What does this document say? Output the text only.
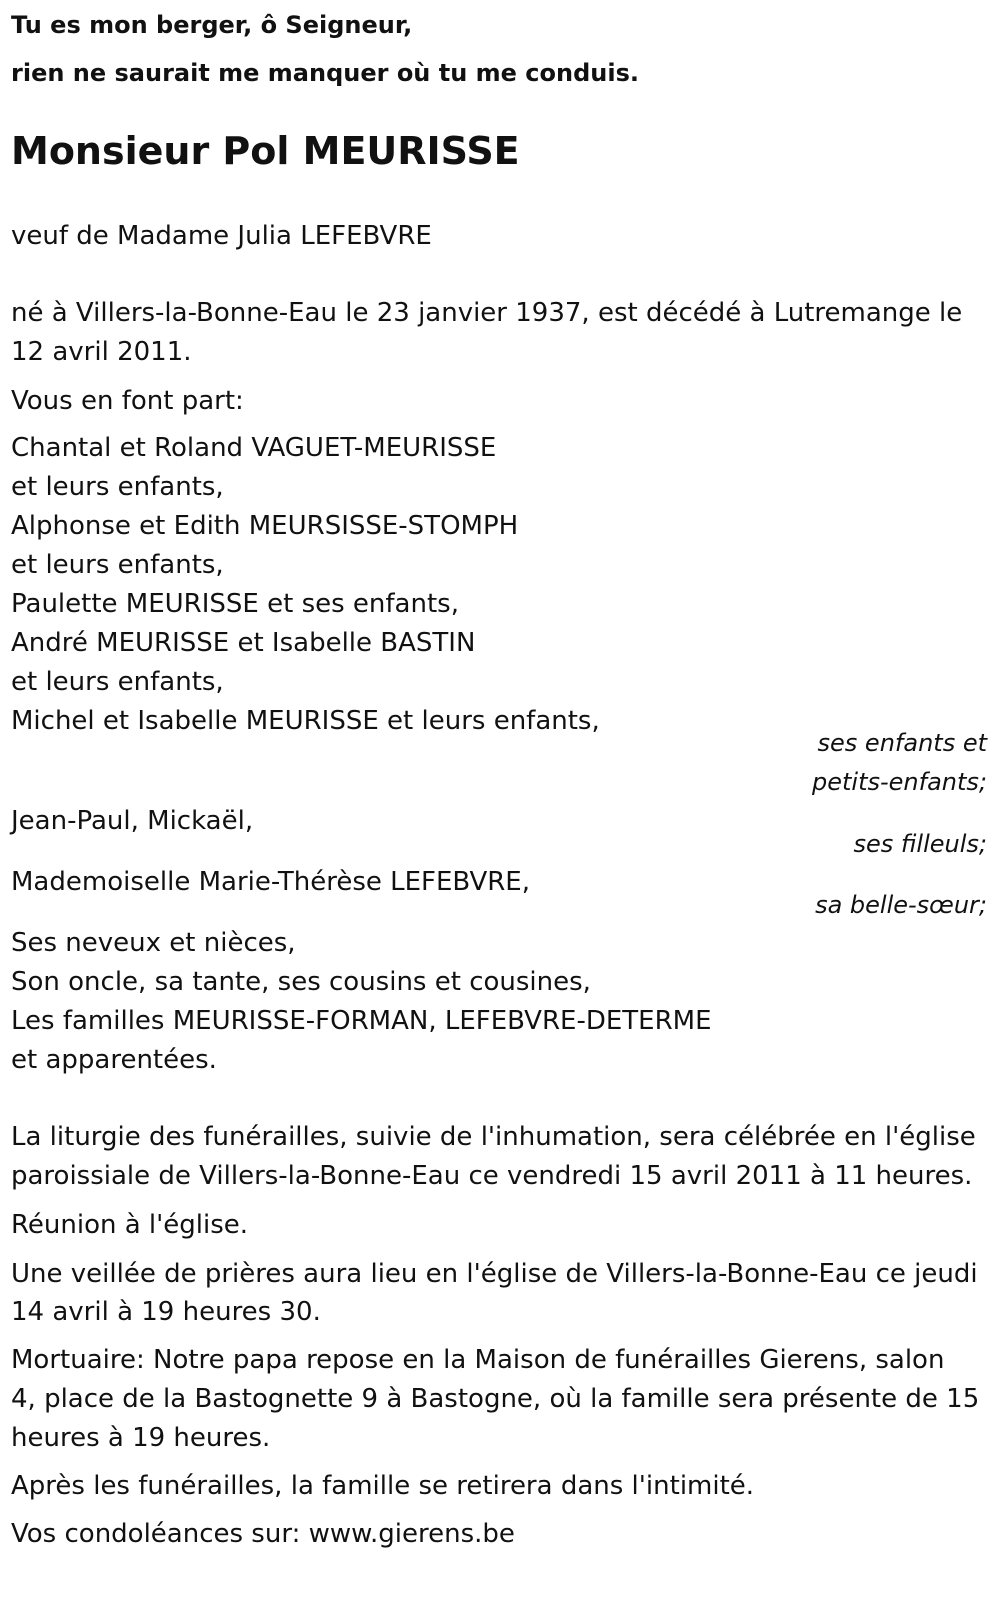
Tu es mon berger, ô Seigneur,
rien ne saurait me manquer où tu me conduis.
Monsieur Pol MEURISSE
veuf de Madame Julia LEFEBVRE
né à Villers-la-Bonne-Eau le 23 janvier 1937, est décédé à Lutremange le
12 avril 2011.
Vous en font part:
Chantal et Roland VAGUET-MEURISSE
et leurs enfants,
Alphonse et Edith MEURSISSE-STOMPH
et leurs enfants,
Paulette MEURISSE et ses enfants,
André MEURISSE et Isabelle BASTIN
et leurs enfants,
Michel et Isabelle MEURISSE et leurs enfants,
ses enfants et
petits-enfants;
Jean-Paul, Mickaël,
ses filleuls;
Mademoiselle Marie-Thérèse LEFEBVRE,
sa belle-sœur;
Ses neveux et nièces,
Son oncle, sa tante, ses cousins et cousines,
Les familles MEURISSE-FORMAN, LEFEBVRE-DETERME
et apparentées.
La liturgie des funérailles, suivie de l'inhumation, sera célébrée en l'église
paroissiale de Villers-la-Bonne-Eau ce vendredi 15 avril 2011 à 11 heures.
Réunion à l'église.
Une veillée de prières aura lieu en l'église de Villers-la-Bonne-Eau ce jeudi
14 avril à 19 heures 30.
Mortuaire: Notre papa repose en la Maison de funérailles Gierens, salon
4, place de la Bastognette 9 à Bastogne, où la famille sera présente de 15
heures à 19 heures.
Après les funérailles, la famille se retirera dans l'intimité.
Vos condoléances sur: www.gierens.be
